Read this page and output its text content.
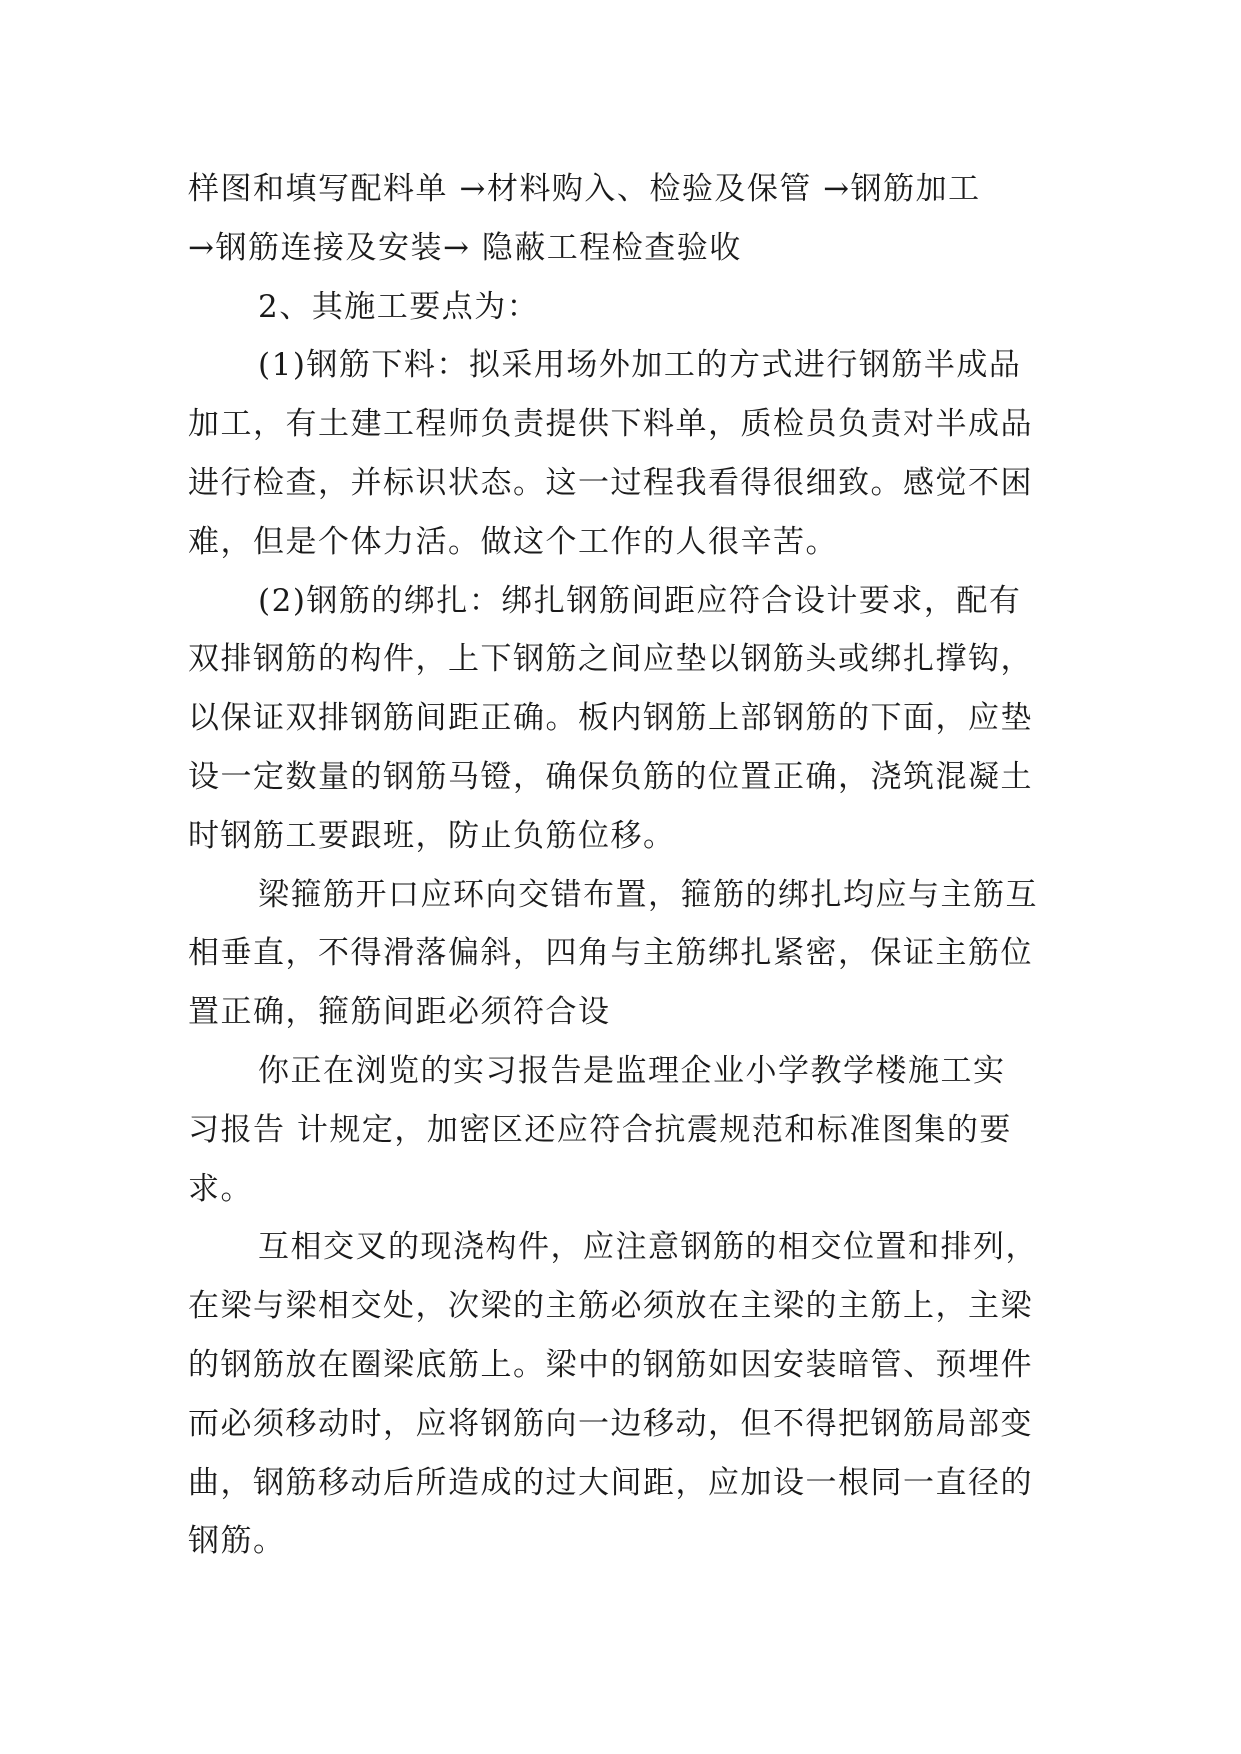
样图和填写配料单 →材料购入、检验及保管 →钢筋加工
→钢筋连接及安装→ 隐蔽工程检查验收
2、其施工要点为：
(1)钢筋下料：拟采用场外加工的方式进行钢筋半成品
加工，有土建工程师负责提供下料单，质检员负责对半成品
进行检查，并标识状态。这一过程我看得很细致。感觉不困
难，但是个体力活。做这个工作的人很辛苦。
(2)钢筋的绑扎：绑扎钢筋间距应符合设计要求，配有
双排钢筋的构件，上下钢筋之间应垫以钢筋头或绑扎撑钩，
以保证双排钢筋间距正确。板内钢筋上部钢筋的下面，应垫
设一定数量的钢筋马镫，确保负筋的位置正确，浇筑混凝土
时钢筋工要跟班，防止负筋位移。
梁箍筋开口应环向交错布置，箍筋的绑扎均应与主筋互
相垂直，不得滑落偏斜，四角与主筋绑扎紧密，保证主筋位
置正确，箍筋间距必须符合设
你正在浏览的实习报告是监理企业小学教学楼施工实
习报告 计规定，加密区还应符合抗震规范和标准图集的要
求。
互相交叉的现浇构件，应注意钢筋的相交位置和排列，
在梁与梁相交处，次梁的主筋必须放在主梁的主筋上，主梁
的钢筋放在圈梁底筋上。梁中的钢筋如因安装暗管、预埋件
而必须移动时，应将钢筋向一边移动，但不得把钢筋局部变
曲，钢筋移动后所造成的过大间距，应加设一根同一直径的
钢筋。
